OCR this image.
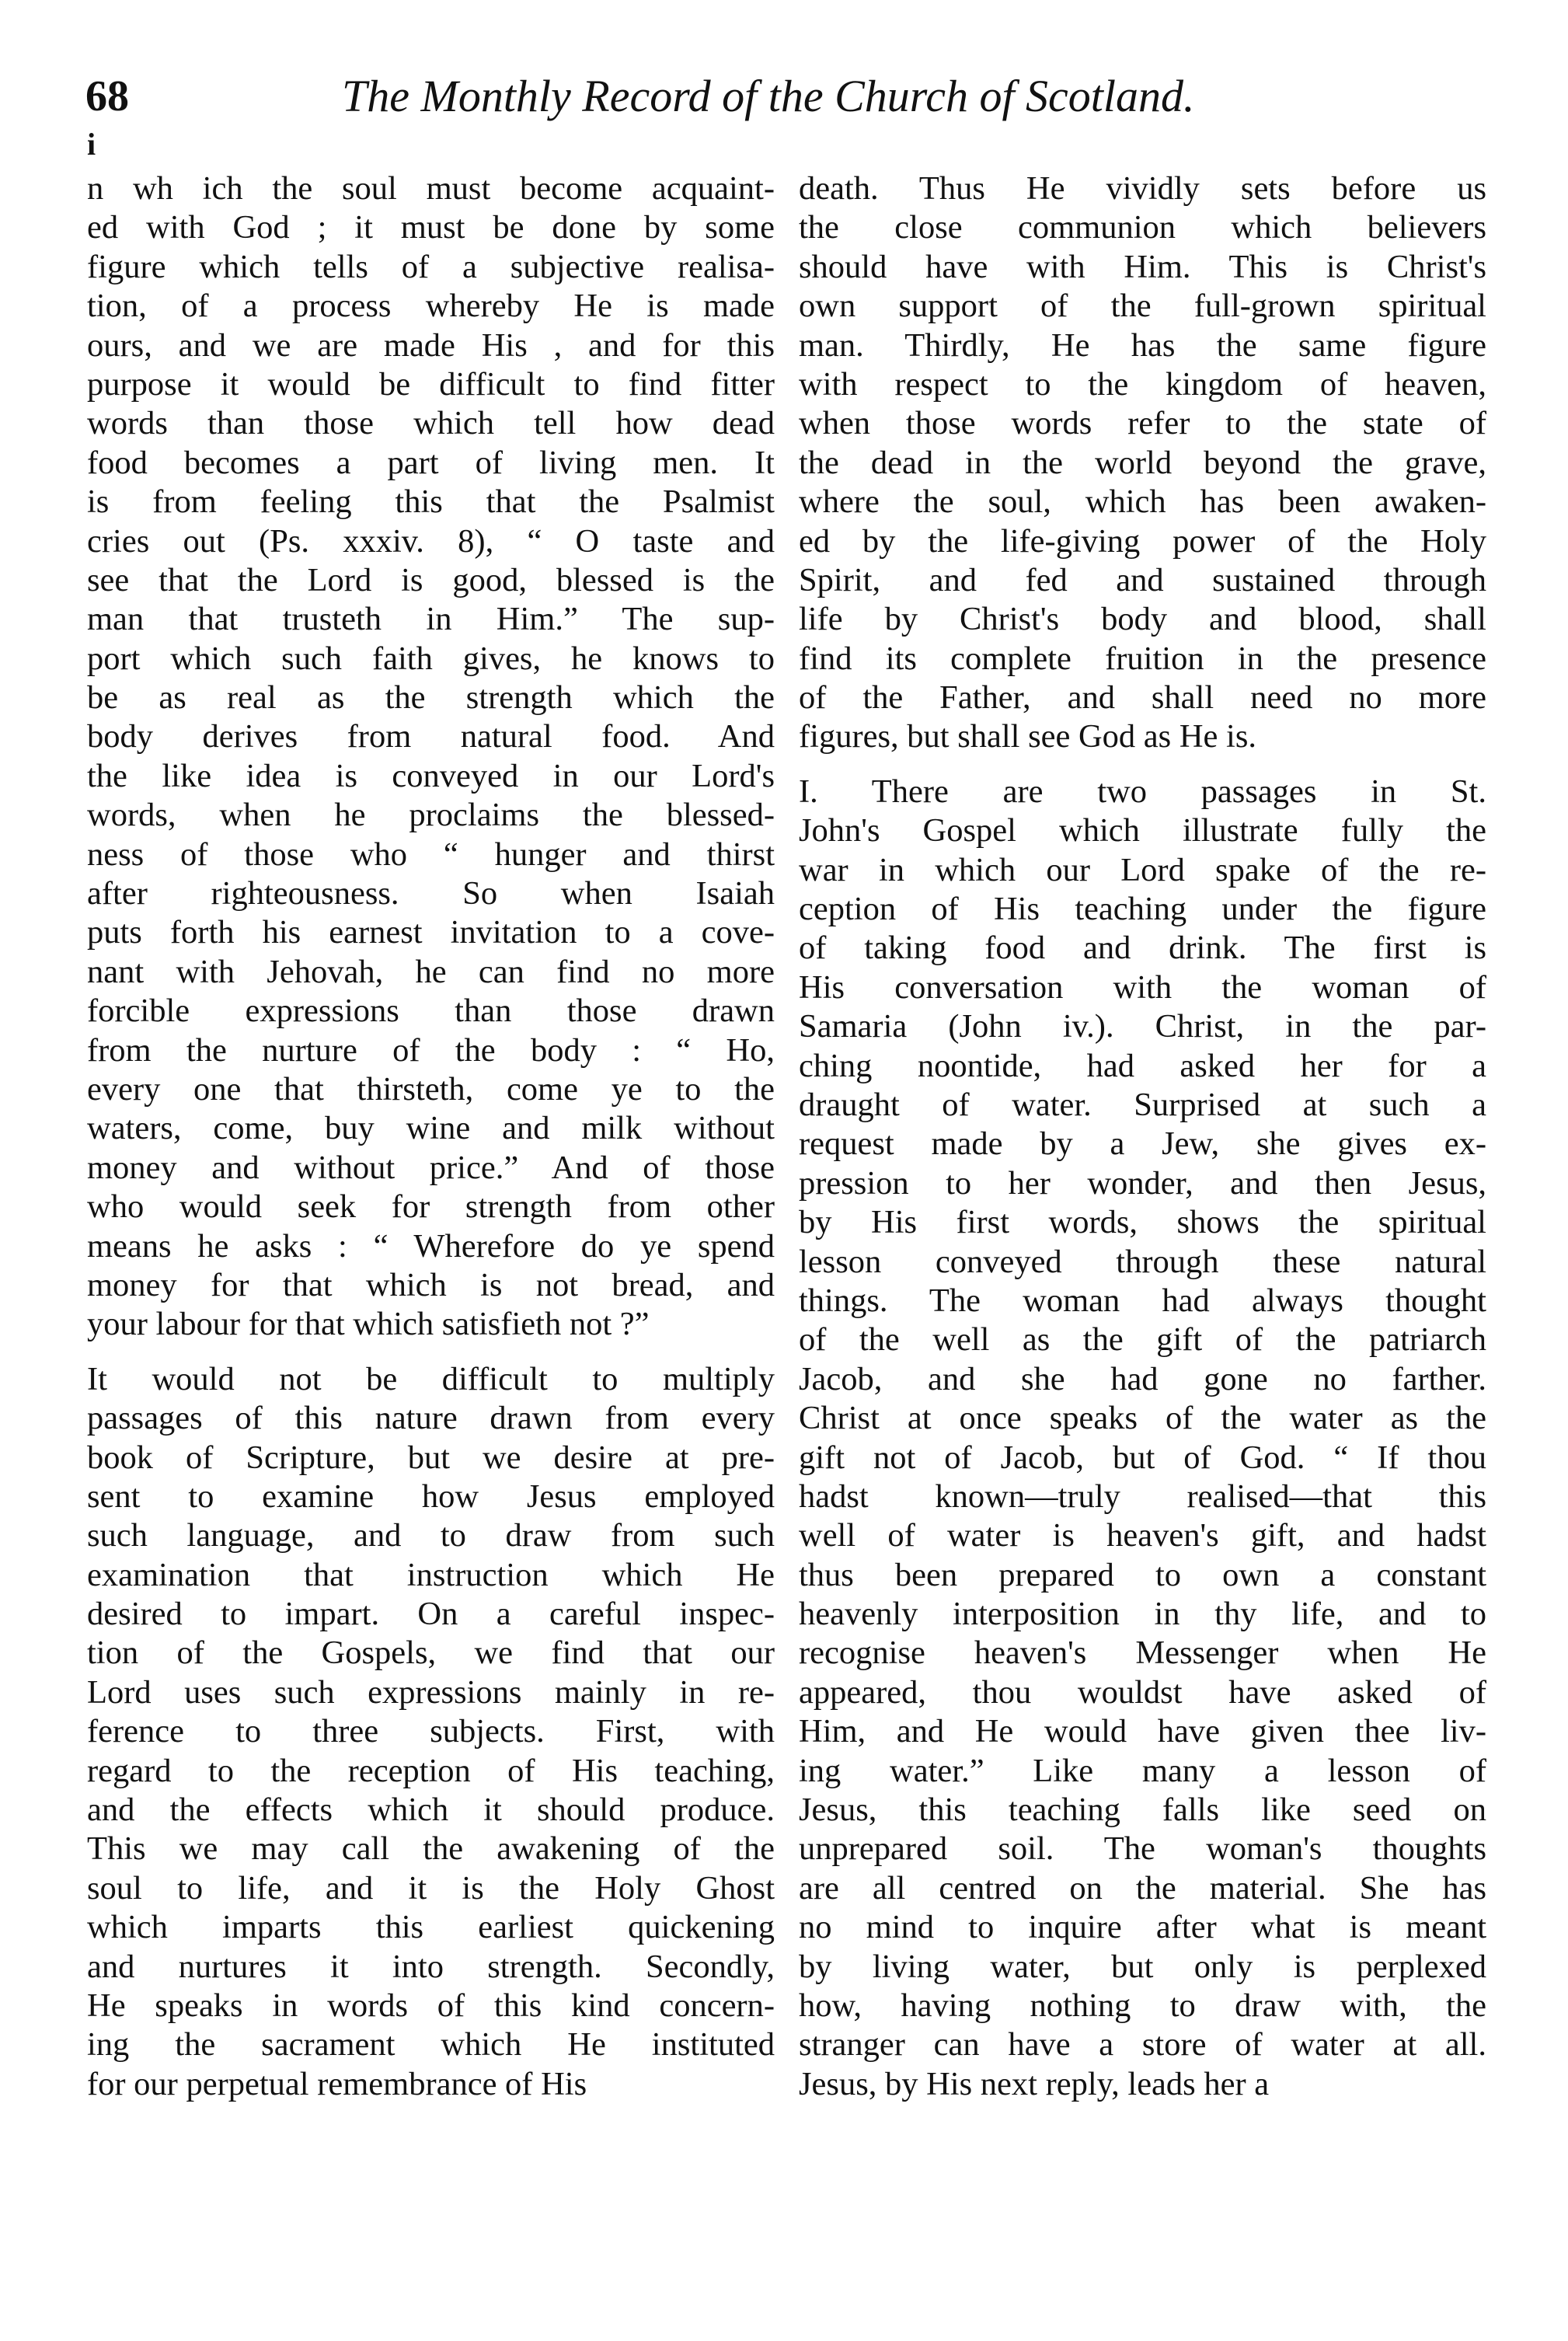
68	The Monthly Record of the Church of Scotland.
i
n wh ich the soul must become acquaint-
ed with God ; it must be done by some
figure which tells of a subjective realisa-
tion, of a process whereby He is made
ours, and we are made His , and for this
purpose it would be difficult to find fitter
words than those which tell how dead
food becomes a part of living men. It
is from feeling this that the Psalmist
cries out (Ps. xxxiv. 8), “ O taste and
see that the Lord is good, blessed is the
man that trusteth in Him.” The sup-
port which such faith gives, he knows to
be as real as the strength which the
body derives from natural food. And
the like idea is conveyed in our Lord's
words, when he proclaims the blessed-
ness of those who “ hunger and thirst
after righteousness. So when Isaiah
puts forth his earnest invitation to a cove-
nant with Jehovah, he can find no more
forcible expressions than those drawn
from the nurture of the body : “ Ho,
every one that thirsteth, come ye to the
waters, come, buy wine and milk without
money and without price.” And of those
who would seek for strength from other
means he asks : “ Wherefore do ye spend
money for that which is not bread, and
your labour for that which satisfieth not ?”
It would not be difficult to multiply
passages of this nature drawn from every
book of Scripture, but we desire at pre-
sent to examine how Jesus employed
such language, and to draw from such
examination that instruction which He
desired to impart. On a careful inspec-
tion of the Gospels, we find that our
Lord uses such expressions mainly in re-
ference to three subjects. First, with
regard to the reception of His teaching,
and the effects which it should produce.
This we may call the awakening of the
soul to life, and it is the Holy Ghost
which imparts this earliest quickening
and nurtures it into strength. Secondly,
He speaks in words of this kind concern-
ing the sacrament which He instituted
for our perpetual remembrance of His
death. Thus He vividly sets before us
the close communion which believers
should have with Him. This is Christ's
own support of the full-grown spiritual
man. Thirdly, He has the same figure
with respect to the kingdom of heaven,
when those words refer to the state of
the dead in the world beyond the grave,
where the soul, which has been awaken-
ed by the life-giving power of the Holy
Spirit, and fed and sustained through
life by Christ's body and blood, shall
find its complete fruition in the presence
of the Father, and shall need no more
figures, but shall see God as He is.
I. There are two passages in St.
John's Gospel which illustrate fully the
war in which our Lord spake of the re-
ception of His teaching under the figure
of taking food and drink. The first is
His conversation with the woman of
Samaria (John iv.). Christ, in the par-
ching noontide, had asked her for a
draught of water. Surprised at such a
request made by a Jew, she gives ex-
pression to her wonder, and then Jesus,
by His first words, shows the spiritual
lesson conveyed through these natural
things. The woman had always thought
of the well as the gift of the patriarch
Jacob, and she had gone no farther.
Christ at once speaks of the water as the
gift not of Jacob, but of God. “ If thou
hadst known—truly realised—that this
well of water is heaven's gift, and hadst
thus been prepared to own a constant
heavenly interposition in thy life, and to
recognise heaven's Messenger when He
appeared, thou wouldst have asked of
Him, and He would have given thee liv-
ing water.” Like many a lesson of
Jesus, this teaching falls like seed on
unprepared soil. The woman's thoughts
are all centred on the material. She has
no mind to inquire after what is meant
by living water, but only is perplexed
how, having nothing to draw with, the
stranger can have a store of water at all.
Jesus, by His next reply, leads her a
